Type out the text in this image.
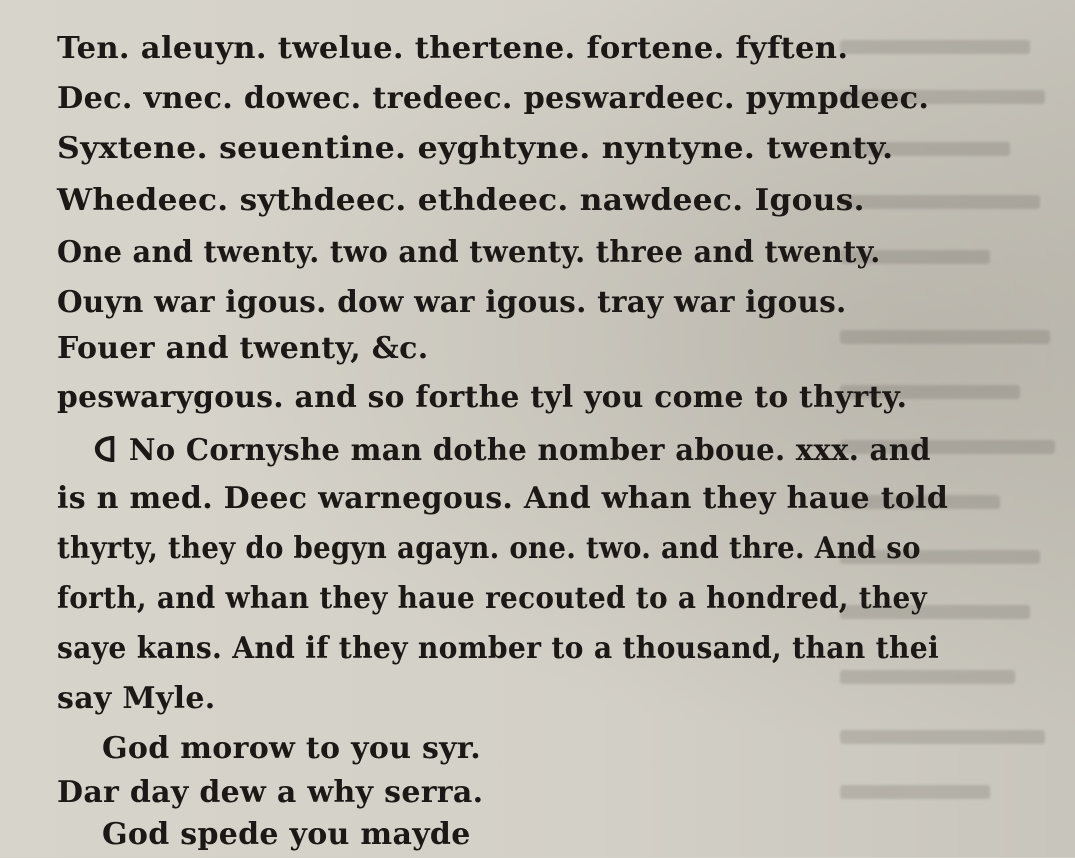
Ten. aleuyn. twelue. thertene. fortene. fyften.
Dec. vnec. dowec. tredeec. peswardeec. pympdeec.
Syxtene. seuentine. eyghtyne. nyntyne. twenty.
Whedeec. sythdeec. ethdeec. nawdeec. Igous.
One and twenty. two and twenty. three and twenty.
Ouyn war igous. dow war igous. tray war igous.
Fouer and twenty, &c.
peswarygous. and so forthe tyl you come to thyrty.
No Cornyshe man dothe nomber aboue. xxx. and
is n med. Deec warnegous. And whan they haue told
thyrty, they do begyn agayn. one. two. and thre. And so
forth, and whan they haue recouted to a hondred, they
saye kans. And if they nomber to a thousand, than thei
say Myle.
God morow to you syr.
Dar day dew a why serra.
God spede you mayde
